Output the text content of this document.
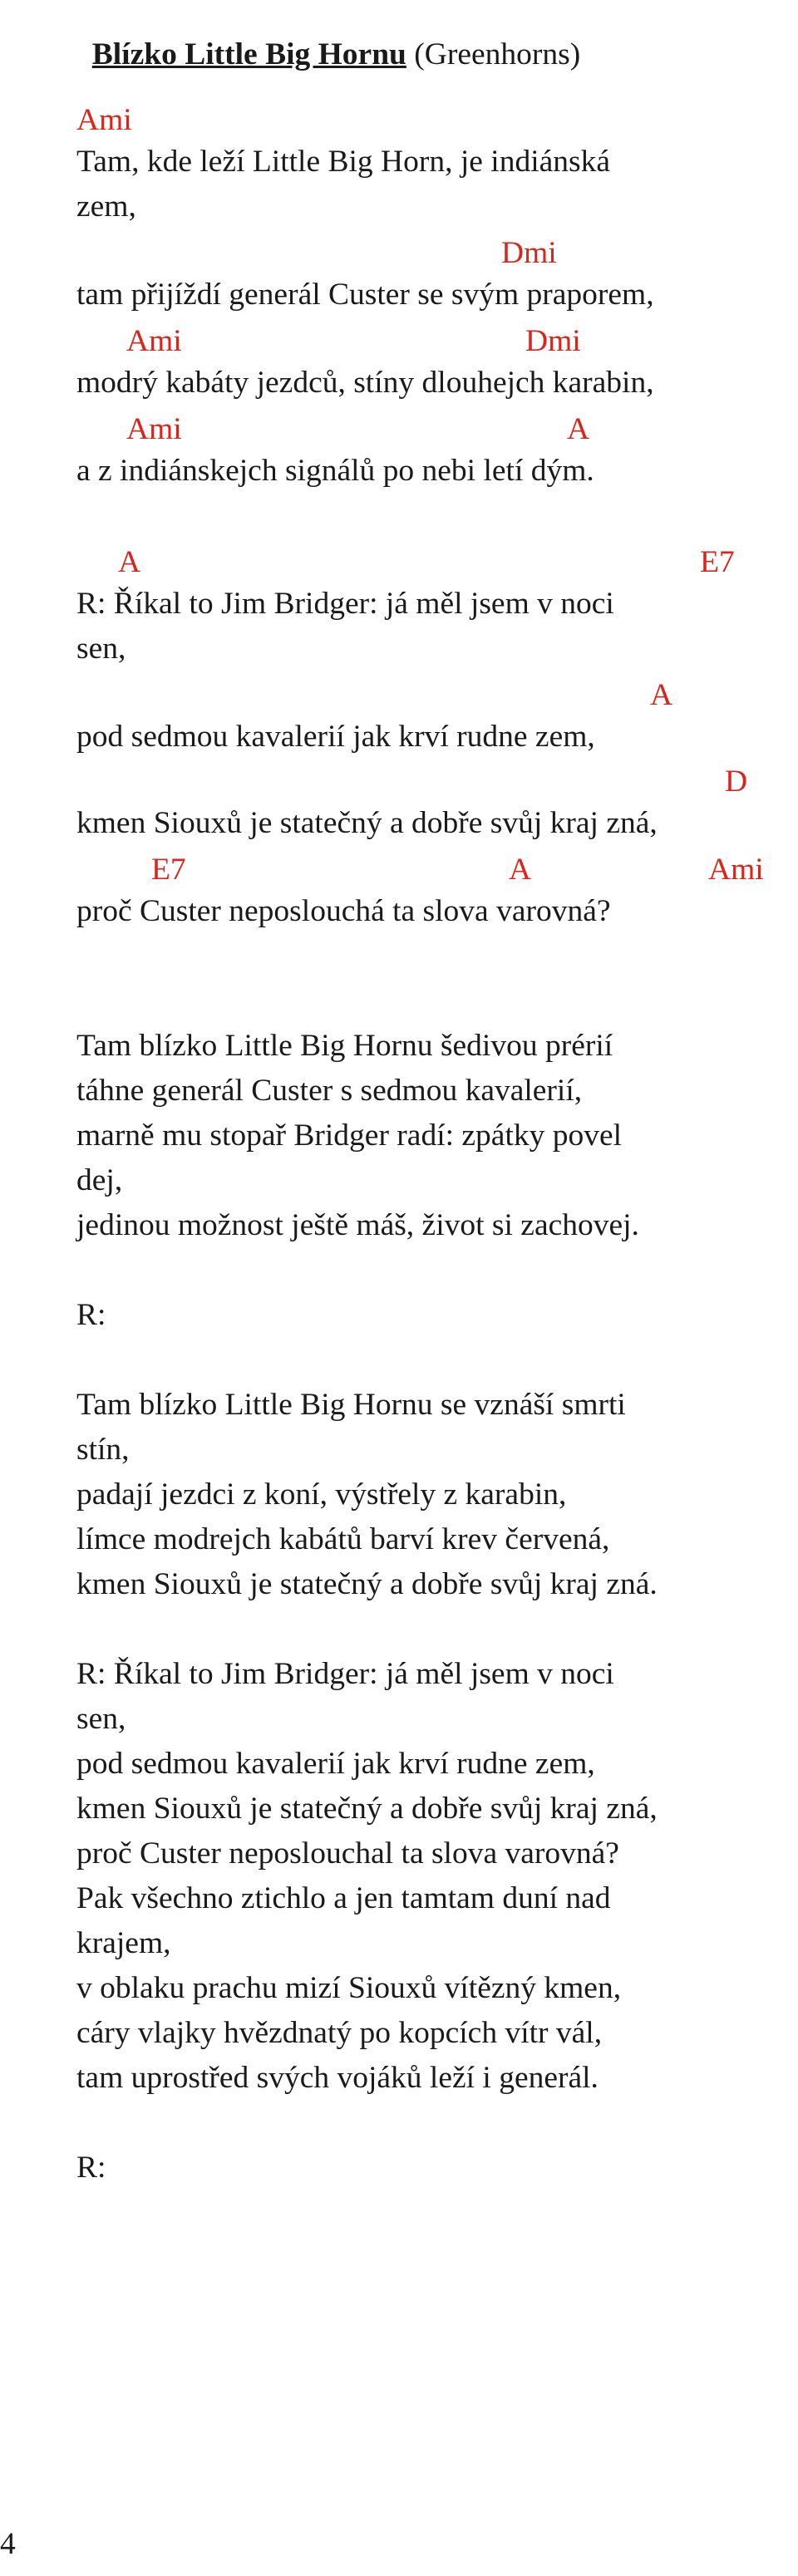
Blízko Little Big Hornu (Greenhorns)

Ami
Tam, kde leží Little Big Horn, je indiánská
zem,
Dmi
tam přijíždí generál Custer se svým praporem,
Ami	Dmi
modrý kabáty jezdců, stíny dlouhejch karabin,
Ami	A
a z indiánskejch signálů po nebi letí dým.
A	E7
R: Říkal to Jim Bridger: já měl jsem v noci
sen,
A
pod sedmou kavalerií jak krví rudne zem,
D
kmen Siouxů je statečný a dobře svůj kraj zná,
E7	A	Ami
proč Custer neposlouchá ta slova varovná?
Tam blízko Little Big Hornu šedivou prérií
táhne generál Custer s sedmou kavalerií,
marně mu stopař Bridger radí: zpátky povel
dej,
jedinou možnost ještě máš, život si zachovej.
R:
Tam blízko Little Big Hornu se vznáší smrti
stín,
padají jezdci z koní, výstřely z karabin,
límce modrejch kabátů barví krev červená,
kmen Siouxů je statečný a dobře svůj kraj zná.
R: Říkal to Jim Bridger: já měl jsem v noci
sen,
pod sedmou kavalerií jak krví rudne zem,
kmen Siouxů je statečný a dobře svůj kraj zná,
proč Custer neposlouchal ta slova varovná?
Pak všechno ztichlo a jen tamtam duní nad
krajem,
v oblaku prachu mizí Siouxů vítězný kmen,
cáry vlajky hvězdnatý po kopcích vítr vál,
tam uprostřed svých vojáků leží i generál.
R:
4
